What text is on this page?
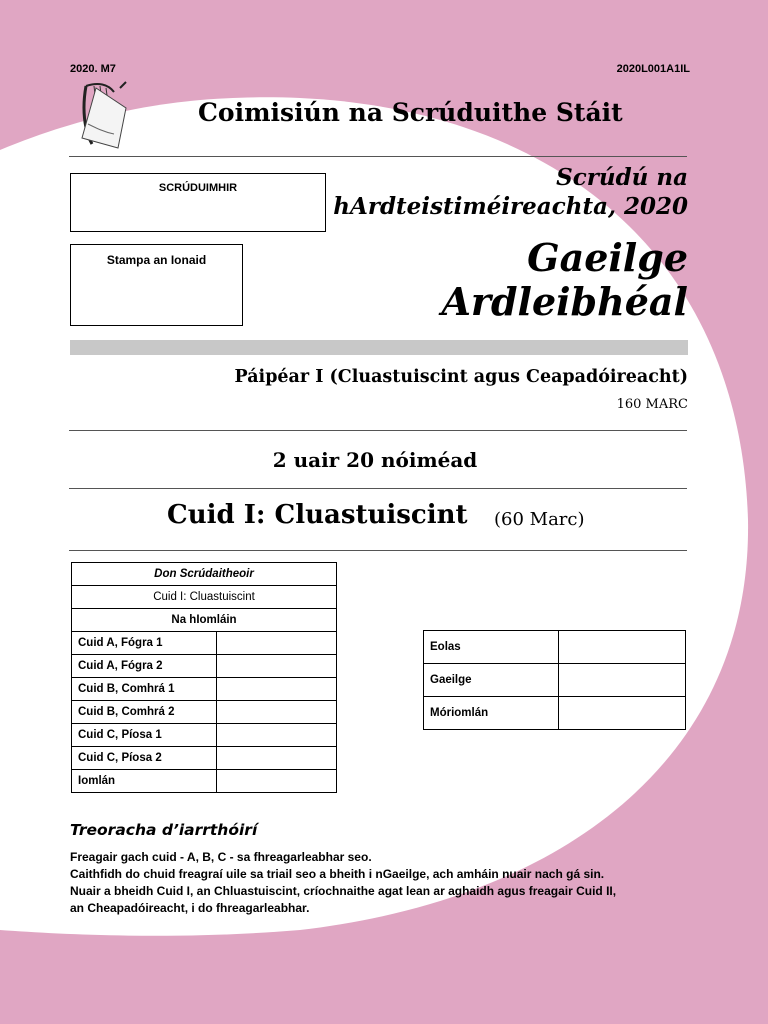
2020. M7	2020L001A1IL
Coimisiún na Scrúduithe Stáit
SCRÚDUIMHIR
Stampa an Ionaid
Scrúdú na
hArdteistiméireachta, 2020
Gaeilge
Ardleibhéal
Páipéar I (Cluastuiscint agus Ceapadóireacht)
160 MARC
2 uair 20 nóiméad
Cuid I: Cluastuiscint (60 Marc)
Don Scrúdaitheoir	
Cuid I: Cluastuiscint	
Na hIomláin	
Cuid A, Fógra 1	
Cuid A, Fógra 2	
Cuid B, Comhrá 1	
Cuid B, Comhrá 2	
Cuid C, Píosa 1	
Cuid C, Píosa 2	
Iomlán	
Eolas	
Gaeilge	
Móriomlán	
Treoracha d’iarrthóirí
Freagair gach cuid - A, B, C - sa fhreagarleabhar seo.
Caithfidh do chuid freagraí uile sa triail seo a bheith i nGaeilge, ach amháin nuair nach gá sin.
Nuair a bheidh Cuid I, an Chluastuiscint, críochnaithe agat lean ar aghaidh agus freagair Cuid II,
an Cheapadóireacht, i do fhreagarleabhar.
